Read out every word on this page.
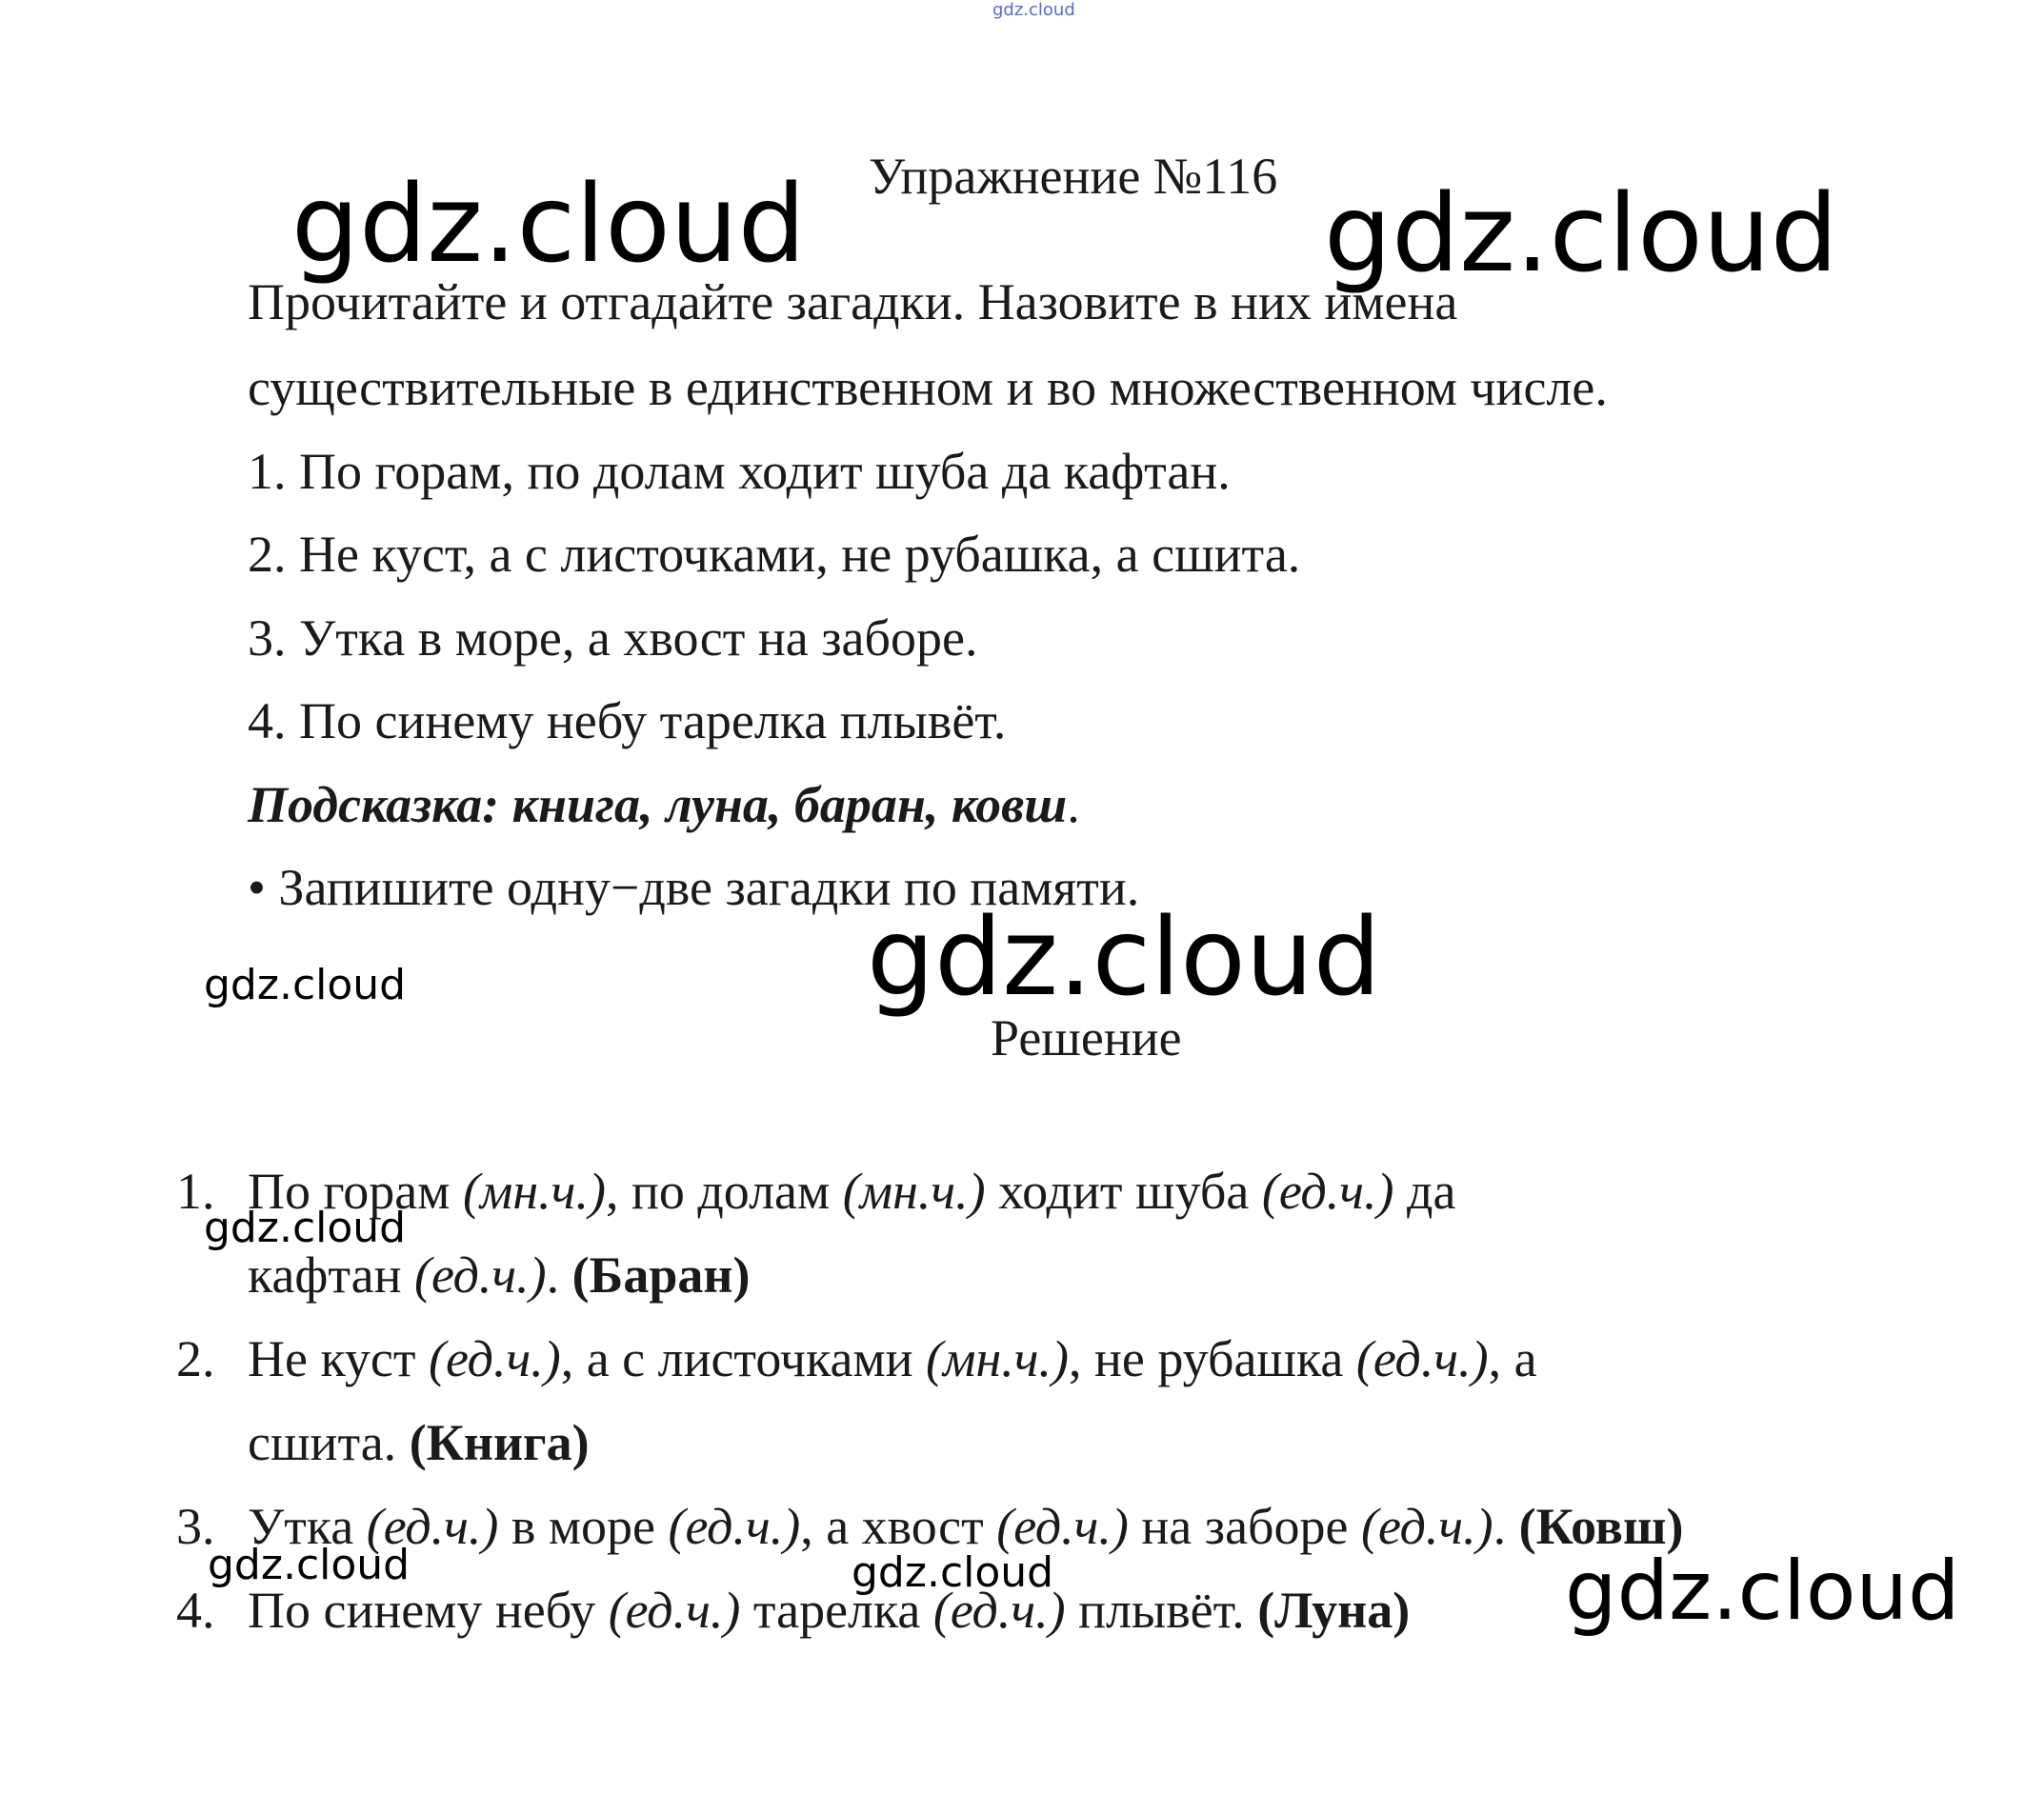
gdz.cloud
gdz.cloud	gdz.cloud
gdz.cloud
gdz.cloud
gdz.cloud
gdz.cloud	gdz.cloud	gdz.cloud
Упражнение №116
Прочитайте и отгадайте загадки. Назовите в них имена
существительные в единственном и во множественном числе.
1. По горам, по долам ходит шуба да кафтан.
2. Не куст, а с листочками, не рубашка, а сшита.
3. Утка в море, а хвост на заборе.
4. По синему небу тарелка плывёт.
Подсказка: книга, луна, баран, ковш.
• Запишите одну−две загадки по памяти.
Решение
1. По горам (мн.ч.), по долам (мн.ч.) ходит шуба (ед.ч.) да
кафтан (ед.ч.). (Баран)
2. Не куст (ед.ч.), а с листочками (мн.ч.), не рубашка (ед.ч.), а
сшита. (Книга)
3. Утка (ед.ч.) в море (ед.ч.), а хвост (ед.ч.) на заборе (ед.ч.). (Ковш)
4. По синему небу (ед.ч.) тарелка (ед.ч.) плывёт. (Луна)
